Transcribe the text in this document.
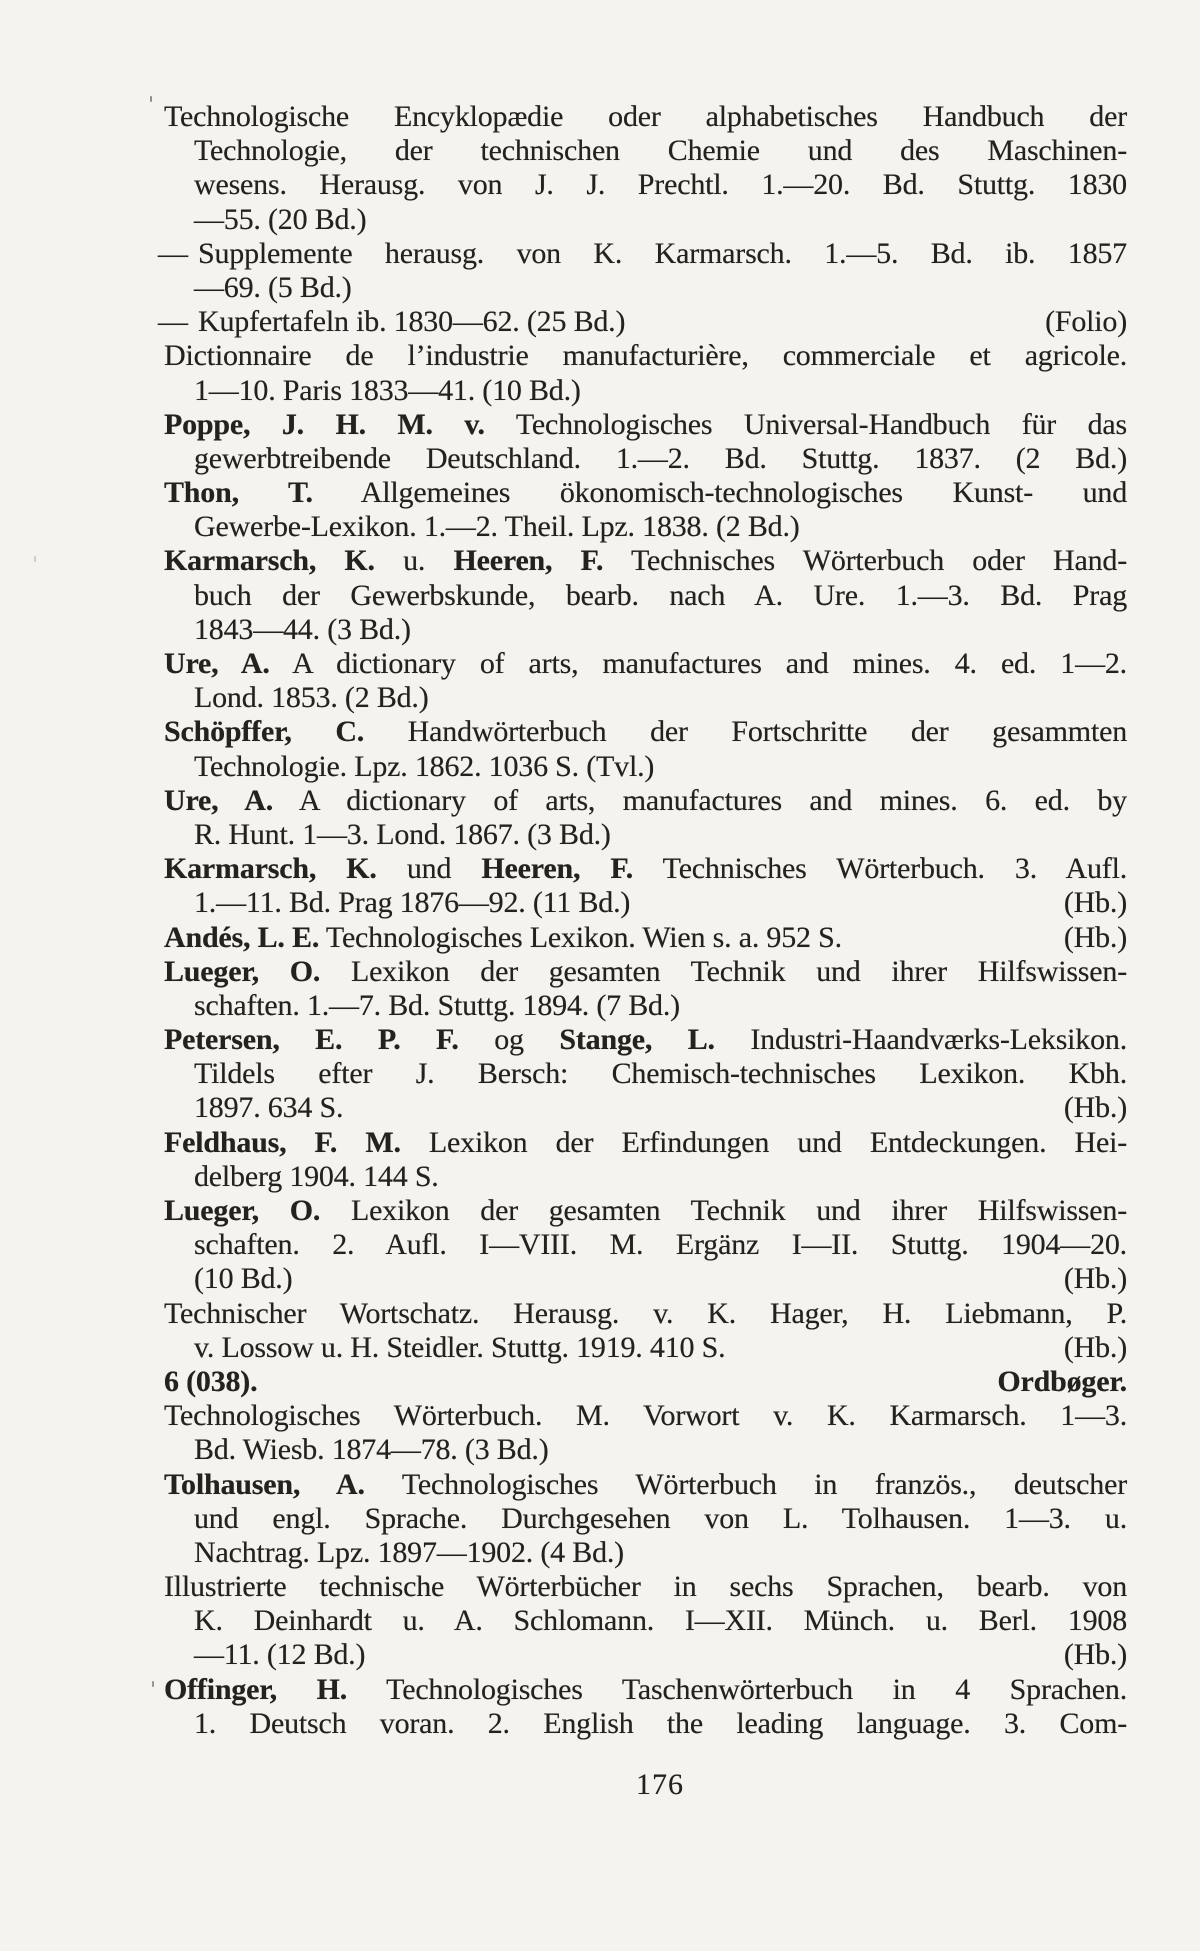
Technologische Encyklopædie oder alphabetisches Handbuch der
Technologie, der technischen Chemie und des Maschinen-
wesens. Herausg. von J. J. Prechtl. 1.—20. Bd. Stuttg. 1830
—55. (20 Bd.)
— Supplemente herausg. von K. Karmarsch. 1.—5. Bd. ib. 1857
—69. (5 Bd.)
— Kupfertafeln ib. 1830—62. (25 Bd.)	(Folio)
Dictionnaire de l’industrie manufacturière, commerciale et agricole.
1—10. Paris 1833—41. (10 Bd.)
Poppe, J. H. M. v. Technologisches Universal-Handbuch für das
gewerbtreibende Deutschland. 1.—2. Bd. Stuttg. 1837. (2 Bd.)
Thon, T. Allgemeines ökonomisch-technologisches Kunst- und
Gewerbe-Lexikon. 1.—2. Theil. Lpz. 1838. (2 Bd.)
Karmarsch, K. u. Heeren, F. Technisches Wörterbuch oder Hand-
buch der Gewerbskunde, bearb. nach A. Ure. 1.—3. Bd. Prag
1843—44. (3 Bd.)
Ure, A. A dictionary of arts, manufactures and mines. 4. ed. 1—2.
Lond. 1853. (2 Bd.)
Schöpffer, C. Handwörterbuch der Fortschritte der gesammten
Technologie. Lpz. 1862. 1036 S. (Tvl.)
Ure, A. A dictionary of arts, manufactures and mines. 6. ed. by
R. Hunt. 1—3. Lond. 1867. (3 Bd.)
Karmarsch, K. und Heeren, F. Technisches Wörterbuch. 3. Aufl.
1.—11. Bd. Prag 1876—92. (11 Bd.)	(Hb.)
Andés, L. E. Technologisches Lexikon. Wien s. a. 952 S.	(Hb.)
Lueger, O. Lexikon der gesamten Technik und ihrer Hilfswissen-
schaften. 1.—7. Bd. Stuttg. 1894. (7 Bd.)
Petersen, E. P. F. og Stange, L. Industri-Haandværks-Leksikon.
Tildels efter J. Bersch: Chemisch-technisches Lexikon. Kbh.
1897. 634 S.	(Hb.)
Feldhaus, F. M. Lexikon der Erfindungen und Entdeckungen. Hei-
delberg 1904. 144 S.
Lueger, O. Lexikon der gesamten Technik und ihrer Hilfswissen-
schaften. 2. Aufl. I—VIII. M. Ergänz I—II. Stuttg. 1904—20.
(10 Bd.)	(Hb.)
Technischer Wortschatz. Herausg. v. K. Hager, H. Liebmann, P.
v. Lossow u. H. Steidler. Stuttg. 1919. 410 S.	(Hb.)
6 (038).	Ordbøger.
Technologisches Wörterbuch. M. Vorwort v. K. Karmarsch. 1—3.
Bd. Wiesb. 1874—78. (3 Bd.)
Tolhausen, A. Technologisches Wörterbuch in französ., deutscher
und engl. Sprache. Durchgesehen von L. Tolhausen. 1—3. u.
Nachtrag. Lpz. 1897—1902. (4 Bd.)
Illustrierte technische Wörterbücher in sechs Sprachen, bearb. von
K. Deinhardt u. A. Schlomann. I—XII. Münch. u. Berl. 1908
—11. (12 Bd.)	(Hb.)
Offinger, H. Technologisches Taschenwörterbuch in 4 Sprachen.
1. Deutsch voran. 2. English the leading language. 3. Com-
176
